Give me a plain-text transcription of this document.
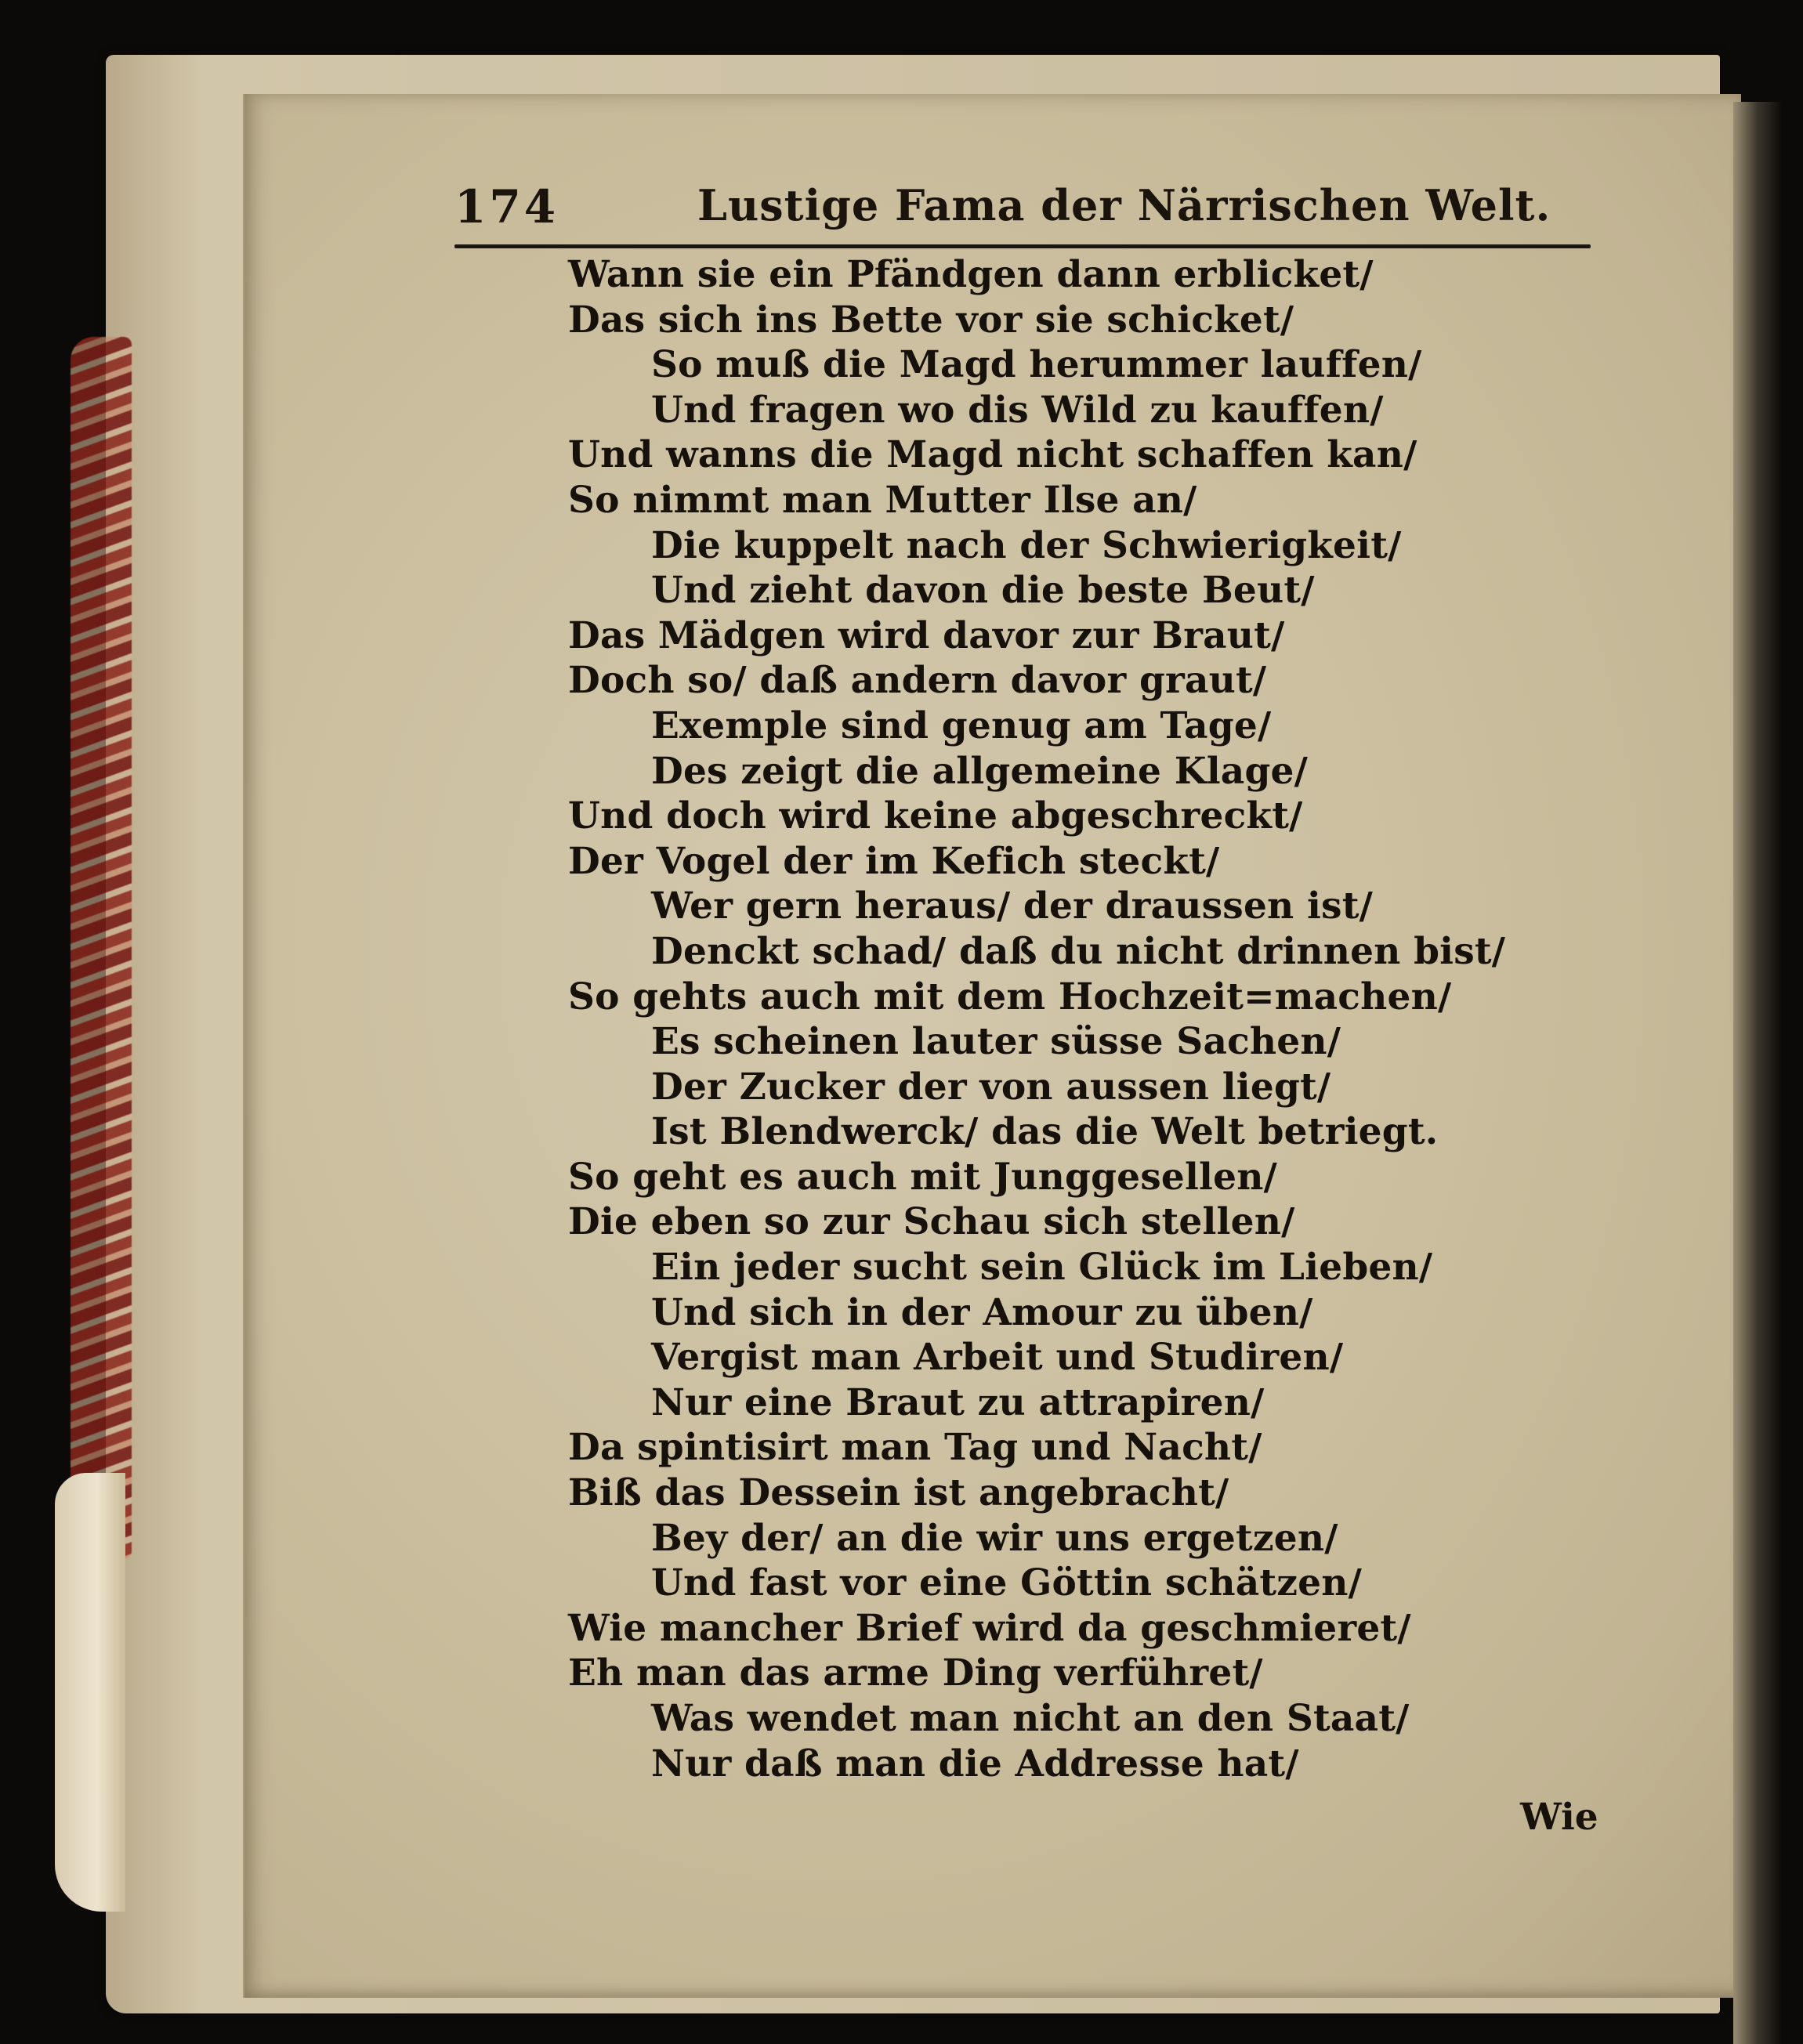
174	Lustige Fama der Närrischen Welt.
Wann sie ein Pfändgen dann erblicket/
Das sich ins Bette vor sie schicket/
So muß die Magd herummer lauffen/
Und fragen wo dis Wild zu kauffen/
Und wanns die Magd nicht schaffen kan/
So nimmt man Mutter Ilse an/
Die kuppelt nach der Schwierigkeit/
Und zieht davon die beste Beut/
Das Mädgen wird davor zur Braut/
Doch so/ daß andern davor graut/
Exemple sind genug am Tage/
Des zeigt die allgemeine Klage/
Und doch wird keine abgeschreckt/
Der Vogel der im Kefich steckt/
Wer gern heraus/ der draussen ist/
Denckt schad/ daß du nicht drinnen bist/
So gehts auch mit dem Hochzeit=machen/
Es scheinen lauter süsse Sachen/
Der Zucker der von aussen liegt/
Ist Blendwerck/ das die Welt betriegt.
So geht es auch mit Junggesellen/
Die eben so zur Schau sich stellen/
Ein jeder sucht sein Glück im Lieben/
Und sich in der Amour zu üben/
Vergist man Arbeit und Studiren/
Nur eine Braut zu attrapiren/
Da spintisirt man Tag und Nacht/
Biß das Dessein ist angebracht/
Bey der/ an die wir uns ergetzen/
Und fast vor eine Göttin schätzen/
Wie mancher Brief wird da geschmieret/
Eh man das arme Ding verführet/
Was wendet man nicht an den Staat/
Nur daß man die Addresse hat/
Wie
